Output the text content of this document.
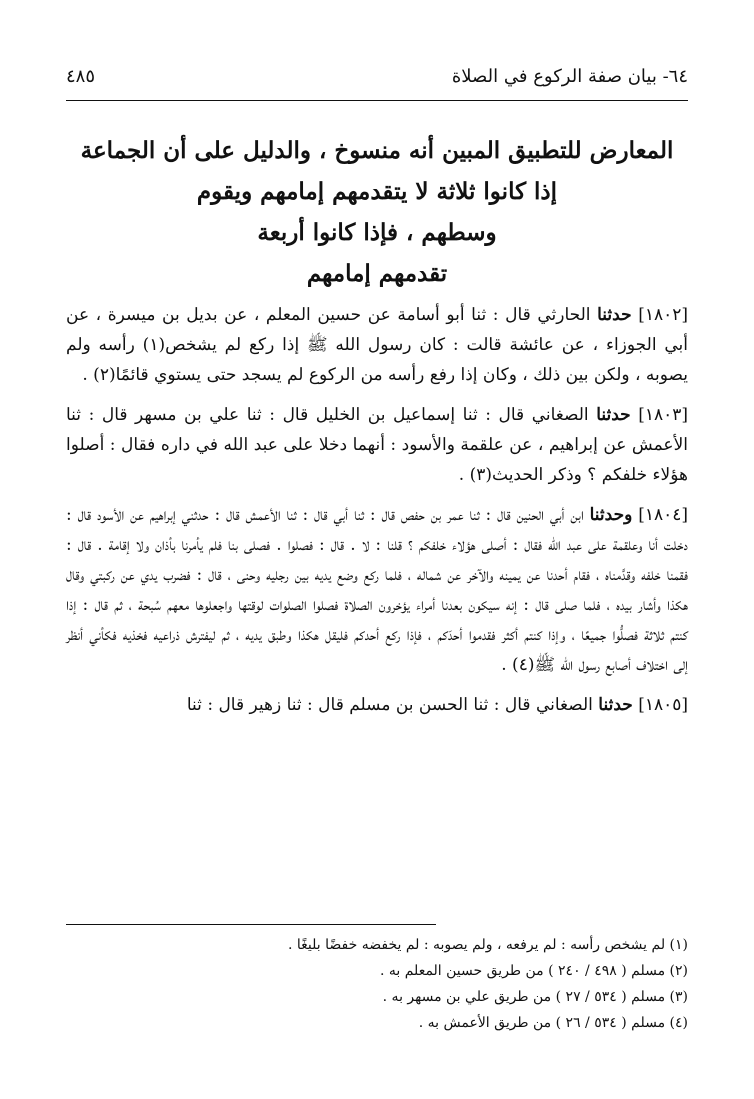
٦٤- بيان صفة الركوع في الصلاة
٤٨٥
المعارض للتطبيق المبين أنه منسوخ ، والدليل على أن الجماعة
إذا كانوا ثلاثة لا يتقدمهم إمامهم ويقوم
وسطهم ، فإذا كانوا أربعة
تقدمهم إمامهم

[١٨٠٢] حدثنا الحارثي قال : ثنا أبو أسامة عن حسين المعلم ، عن بديل بن ميسرة ، عن أبي الجوزاء ، عن عائشة قالت : كان رسول الله ﷺ إذا ركع لم يشخص(١) رأسه ولم يصوبه ، ولكن بين ذلك ، وكان إذا رفع رأسه من الركوع لم يسجد حتى يستوي قائمًا(٢) .

[١٨٠٣] حدثنا الصغاني قال : ثنا إسماعيل بن الخليل قال : ثنا علي بن مسهر قال : ثنا الأعمش عن إبراهيم ، عن علقمة والأسود : أنهما دخلا على عبد الله في داره فقال : أصلوا هؤلاء خلفكم ؟ وذكر الحديث(٣) .

[١٨٠٤] وحدثنا ابن أبي الحنين قال : ثنا عمر بن حفص قال : ثنا أبي قال : ثنا الأعمش قال : حدثني إبراهيم عن الأسود قال : دخلت أنا وعلقمة على عبد الله فقال : أصلى هؤلاء خلفكم ؟ قلنا : لا . قال : فصلوا . فصلى بنا فلم يأمرنا بأذان ولا إقامة . قال : فقمنا خلفه وقدَّمناه ، فقام أحدنا عن يمينه والآخر عن شماله ، فلما ركع وضع يديه بين رجليه وحنى ، قال : فضرب يدي عن ركبتي وقال هكذا وأشار بيده ، فلما صلى قال : إنه سيكون بعدنا أمراء يؤخرون الصلاة فصلوا الصلوات لوقتها واجعلوها معهم سُبحة ، ثم قال : إذا كنتم ثلاثة فصلُّوا جميعًا ، وإذا كنتم أكثر فقدموا أحدَكم ، فإذا ركع أحدكم فليقل هكذا وطبق يديه ، ثم ليفترش ذراعيه فخذيه فكأني أنظر إلى اختلاف أصابع رسول الله ﷺ(٤) .

[١٨٠٥] حدثنا الصغاني قال : ثنا الحسن بن مسلم قال : ثنا زهير قال : ثنا

(١) لم يشخص رأسه : لم يرفعه ، ولم يصوبه : لم يخفضه خفضًا بليغًا .
(٢) مسلم ( ٤٩٨ / ٢٤٠ ) من طريق حسين المعلم به .
(٣) مسلم ( ٥٣٤ / ٢٧ ) من طريق علي بن مسهر به .
(٤) مسلم ( ٥٣٤ / ٢٦ ) من طريق الأعمش به .
